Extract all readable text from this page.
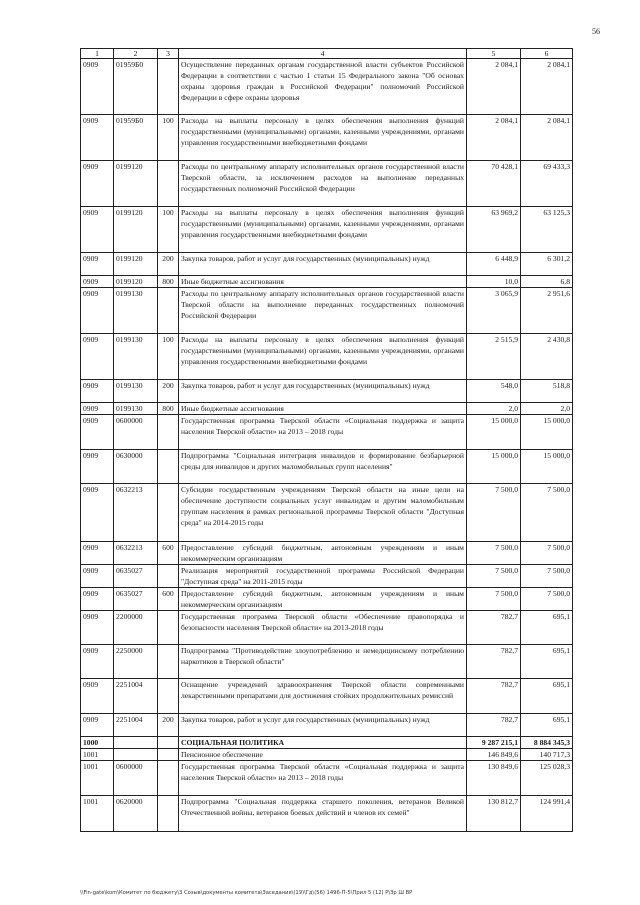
56
1	2	3	4	5	6
0909	01959Б0		Осуществление переданных органам государственной власти субъектов Российской Федерации в соответствии с частью 1 статьи 15 Федерального закона "Об основах охраны здоровья граждан в Российской Федерации" полномочий Российской Федерации в сфере охраны здоровья	2 084,1	2 084,1
0909	01959Б0	100	Расходы на выплаты персоналу в целях обеспечения выполнения функций государственными (муниципальными) органами, казенными учреждениями, органами управления государственными внебюджетными фондами	2 084,1	2 084,1
0909	0199120		Расходы по центральному аппарату исполнительных органов государственной власти Тверской области, за исключением расходов на выполнение переданных государственных полномочий Российской Федерации	70 428,1	69 433,3
0909	0199120	100	Расходы на выплаты персоналу в целях обеспечения выполнения функций государственными (муниципальными) органами, казенными учреждениями, органами управления государственными внебюджетными фондами	63 969,2	63 125,3
0909	0199120	200	Закупка товаров, работ и услуг для государственных (муниципальных) нужд	6 448,9	6 301,2
0909	0199120	800	Иные бюджетные ассигнования	10,0	6,8
0909	0199130		Расходы по центральному аппарату исполнительных органов государственной власти Тверской области на выполнение переданных государственных полномочий Российской Федерации	3 065,9	2 951,6
0909	0199130	100	Расходы на выплаты персоналу в целях обеспечения выполнения функций государственными (муниципальными) органами, казенными учреждениями, органами управления государственными внебюджетными фондами	2 515,9	2 430,8
0909	0199130	200	Закупка товаров, работ и услуг для государственных (муниципальных) нужд	548,0	518,8
0909	0199130	800	Иные бюджетные ассигнования	2,0	2,0
0909	0600000		Государственная программа Тверской области «Социальная поддержка и защита населения Тверской области» на 2013 – 2018 годы	15 000,0	15 000,0
0909	0630000		Подпрограмма "Социальная интеграция инвалидов и формирование безбарьерной среды для инвалидов и других маломобильных групп населения"	15 000,0	15 000,0
0909	0632213		Субсидии государственным учреждениям Тверской области на иные цели на обеспечение доступности социальных услуг инвалидам и другим маломобильным группам населения в рамках региональной программы Тверской области "Доступная среда" на 2014-2015 годы	7 500,0	7 500,0
0909	0632213	600	Предоставление субсидий бюджетным, автономным учреждениям и иным некоммерческим организациям	7 500,0	7 500,0
0909	0635027		Реализация мероприятий государственной программы Российской Федерации "Доступная среда" на 2011-2015 годы	7 500,0	7 500,0
0909	0635027	600	Предоставление субсидий бюджетным, автономным учреждениям и иным некоммерческим организациям	7 500,0	7 500,0
0909	2200000		Государственная программа Тверской области «Обеспечение правопорядка и безопасности населения Тверской области» на 2013-2018 годы	782,7	695,1
0909	2250000		Подпрограмма "Противодействие злоупотреблению и немедицинскому потреблению наркотиков в Тверской области"	782,7	695,1
0909	2251004		Оснащение учреждений здравоохранения Тверской области современными лекарственными препаратами для достижения стойких продолжительных ремиссий	782,7	695,1
0909	2251004	200	Закупка товаров, работ и услуг для государственных (муниципальных) нужд	782,7	695,1
1000			СОЦИАЛЬНАЯ ПОЛИТИКА	9 287 215,1	8 884 345,3
1001			Пенсионное обеспечение	146 849,6	140 717,3
1001	0600000		Государственная программа Тверской области «Социальная поддержка и защита населения Тверской области» на 2013 – 2018 годы	130 849,6	125 028,3
1001	0620000		Подпрограмма "Социальная поддержка старшего поколения, ветеранов Великой Отечественной войны, ветеранов боевых действий и членов их семей"	130 812,7	124 991,4
\\Fin-gate\kom\Комитет по бюджету\3 Созыв\документы комитета\Заседания\(19)\Гд\(56) 1496-П-5\Прил 5 (12) Р\Зр Ш ВР
